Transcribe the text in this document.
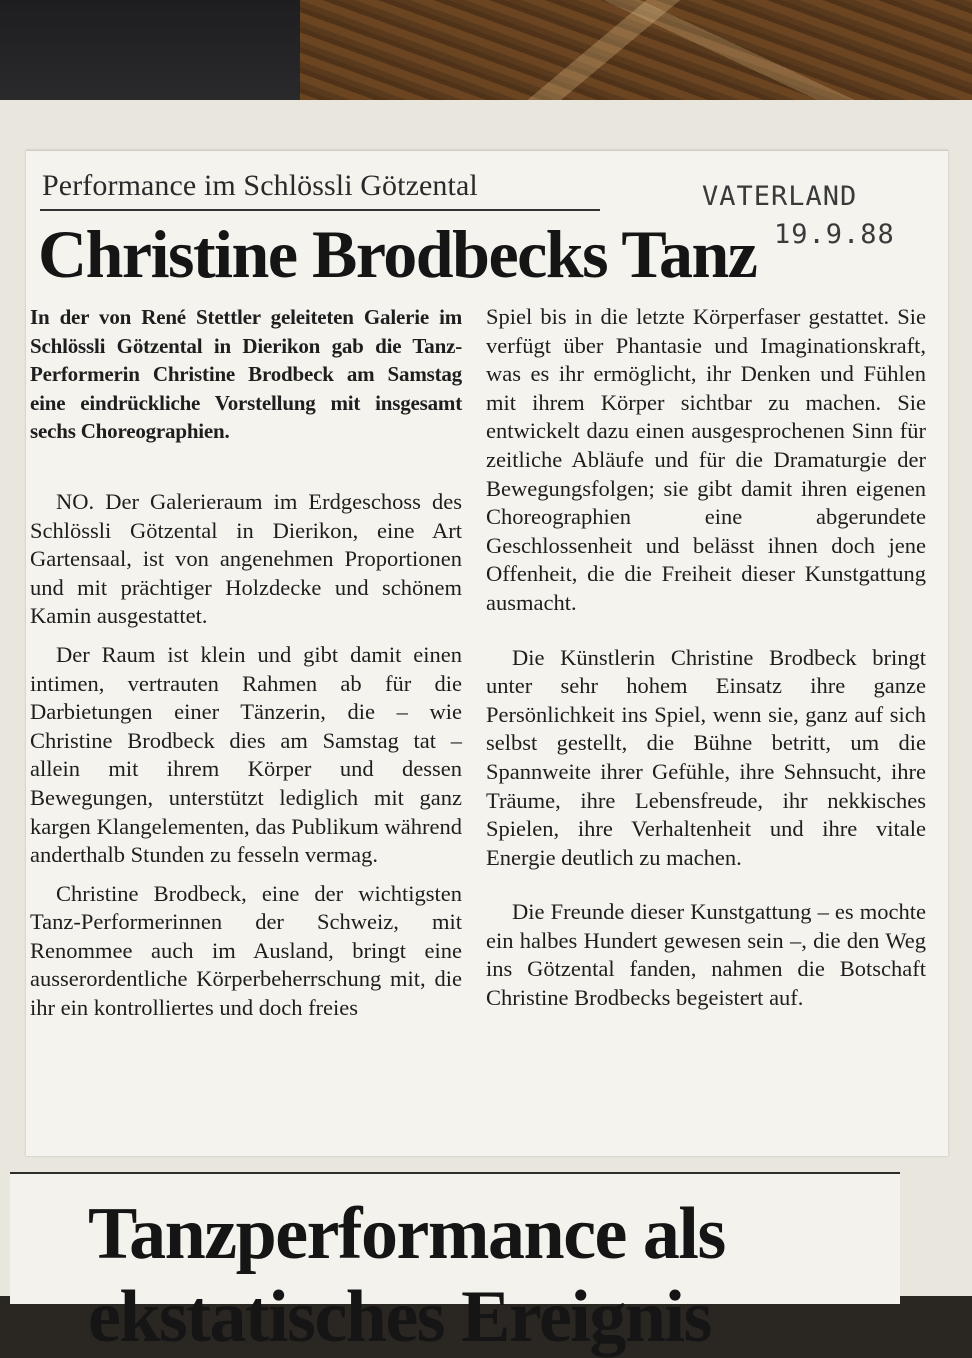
Performance im Schlössli Götzental	VATERLAND
19.9.88
Christine Brodbecks Tanz

In der von René Stettler geleiteten Galerie im Schlössli Götzental in Dierikon gab die Tanz-Performerin Christine Brodbeck am Samstag eine eindrückliche Vorstellung mit insgesamt sechs Choreographien.

NO. Der Galerieraum im Erdgeschoss des Schlössli Götzental in Dierikon, eine Art Gartensaal, ist von angenehmen Proportionen und mit prächtiger Holzdecke und schönem Kamin ausgestattet.

Der Raum ist klein und gibt damit einen intimen, vertrauten Rahmen ab für die Darbietungen einer Tänzerin, die – wie Christine Brodbeck dies am Samstag tat – allein mit ihrem Körper und dessen Bewegungen, unterstützt lediglich mit ganz kargen Klangelementen, das Publikum während anderthalb Stunden zu fesseln vermag.

Christine Brodbeck, eine der wichtigsten Tanz-Performerinnen der Schweiz, mit Renommee auch im Ausland, bringt eine ausserordentliche Körperbeherrschung mit, die ihr ein kontrolliertes und doch freies

Spiel bis in die letzte Körperfaser gestattet. Sie verfügt über Phantasie und Imaginationskraft, was es ihr ermöglicht, ihr Denken und Fühlen mit ihrem Körper sichtbar zu machen. Sie entwickelt dazu einen ausgesprochenen Sinn für zeitliche Abläufe und für die Dramaturgie der Bewegungsfolgen; sie gibt damit ihren eigenen Choreographien eine abgerundete Geschlossenheit und belässt ihnen doch jene Offenheit, die die Freiheit dieser Kunstgattung ausmacht.

Die Künstlerin Christine Brodbeck bringt unter sehr hohem Einsatz ihre ganze Persönlichkeit ins Spiel, wenn sie, ganz auf sich selbst gestellt, die Bühne betritt, um die Spannweite ihrer Gefühle, ihre Sehnsucht, ihre Träume, ihre Lebensfreude, ihr nekkisches Spielen, ihre Verhaltenheit und ihre vitale Energie deutlich zu machen.

Die Freunde dieser Kunstgattung – es mochte ein halbes Hundert gewesen sein –, die den Weg ins Götzental fanden, nahmen die Botschaft Christine Brodbecks begeistert auf.

Tanzperformance als
ekstatisches Ereignis
